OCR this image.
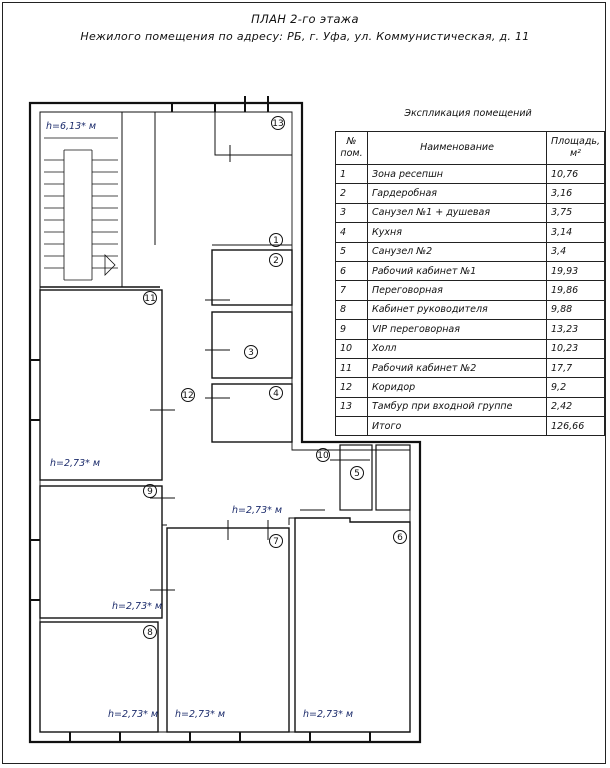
ПЛАН 2-го этажа
Нежилого помещения по адресу: РБ, г. Уфа, ул. Коммунистическая, д. 11
13
1
2
3
4
5
6
7
8
9
10
11
12
h=6,13* м
h=2,73* м
h=2,73* м
h=2,73* м
h=2,73* м h=2,73* м	h=2,73* м
Экспликация помещений
№ пом.	Наименование	Площадь, м²
1	Зона ресепшн	10,76
2	Гардеробная	3,16
3	Санузел №1 + душевая	3,75
4	Кухня	3,14
5	Санузел №2	3,4
6	Рабочий кабинет №1	19,93
7	Переговорная	19,86
8	Кабинет руководителя	9,88
9	VIP переговорная	13,23
10	Холл	10,23
11	Рабочий кабинет №2	17,7
12	Коридор	9,2
13	Тамбур при входной группе	2,42
	Итого	126,66
